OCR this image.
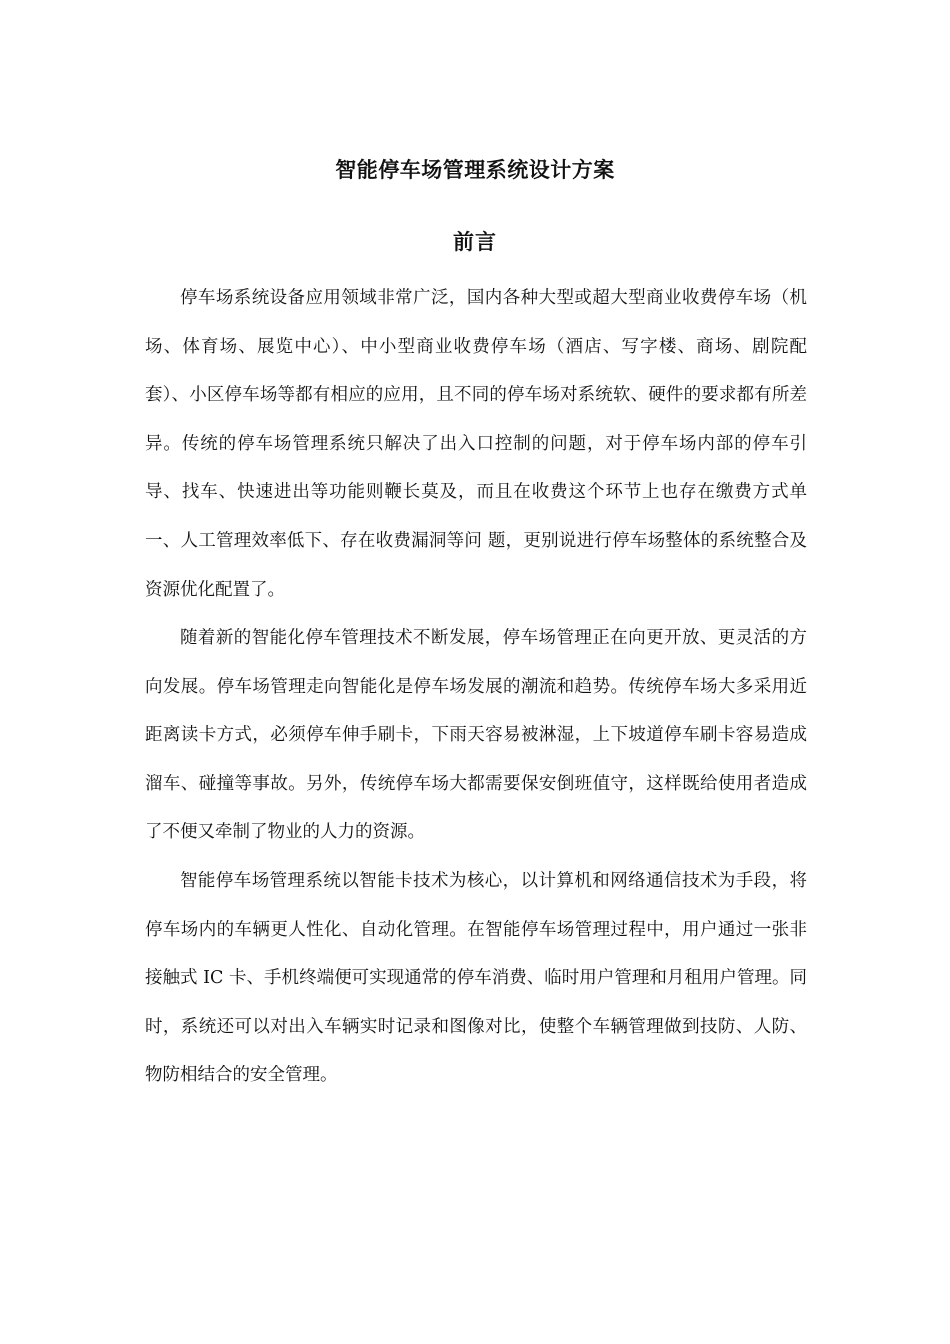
智能停车场管理系统设计方案
前言

停车场系统设备应用领域非常广泛，国内各种大型或超大型商业收费停车场（机场、体育场、展览中心）、中小型商业收费停车场（酒店、写字楼、商场、剧院配套）、小区停车场等都有相应的应用，且不同的停车场对系统软、硬件的要求都有所差异。传统的停车场管理系统只解决了出入口控制的问题，对于停车场内部的停车引导、找车、快速进出等功能则鞭长莫及，而且在收费这个环节上也存在缴费方式单一、人工管理效率低下、存在收费漏洞等问 题，更别说进行停车场整体的系统整合及资源优化配置了。

随着新的智能化停车管理技术不断发展，停车场管理正在向更开放、更灵活的方向发展。停车场管理走向智能化是停车场发展的潮流和趋势。传统停车场大多采用近距离读卡方式，必须停车伸手刷卡，下雨天容易被淋湿，上下坡道停车刷卡容易造成溜车、碰撞等事故。另外，传统停车场大都需要保安倒班值守，这样既给使用者造成了不便又牵制了物业的人力的资源。

智能停车场管理系统以智能卡技术为核心，以计算机和网络通信技术为手段，将停车场内的车辆更人性化、自动化管理。在智能停车场管理过程中，用户通过一张非接触式 IC 卡、手机终端便可实现通常的停车消费、临时用户管理和月租用户管理。同时，系统还可以对出入车辆实时记录和图像对比，使整个车辆管理做到技防、人防、物防相结合的安全管理。
